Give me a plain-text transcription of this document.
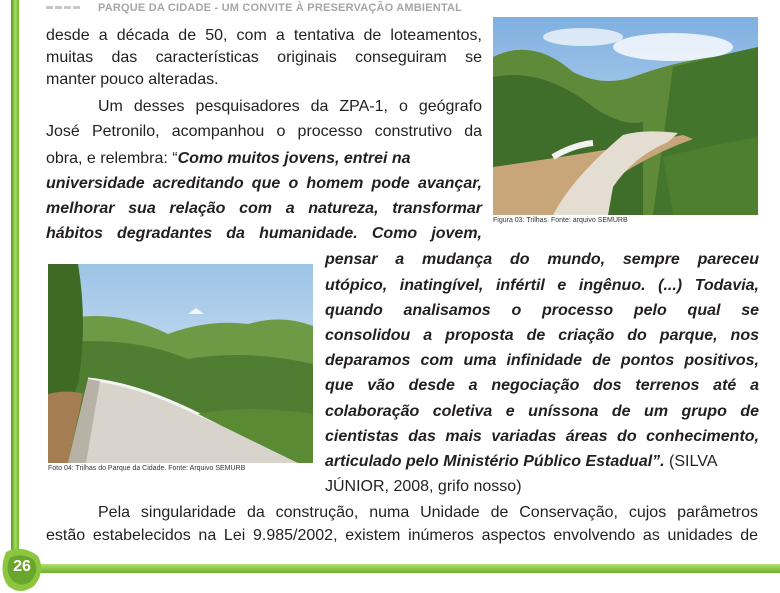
PARQUE DA CIDADE - UM CONVITE À PRESERVAÇÃO AMBIENTAL
desde a década de 50, com a tentativa de loteamentos,
muitas das características originais conseguiram se
manter pouco alteradas.
Um desses pesquisadores da ZPA-1, o geógrafo
José Petronilo, acompanhou o processo construtivo da
obra, e relembra: “Como muitos jovens, entrei na
universidade acreditando que o homem pode avançar,
melhorar sua relação com a natureza, transformar
hábitos degradantes da humanidade. Como jovem,
pensar a mudança do mundo, sempre pareceu
utópico, inatingível, infértil e ingênuo. (...) Todavia,
quando analisamos o processo pelo qual se
consolidou a proposta de criação do parque, nos
deparamos com uma infinidade de pontos positivos,
que vão desde a negociação dos terrenos até a
colaboração coletiva e uníssona de um grupo de
cientistas das mais variadas áreas do conhecimento,
articulado pelo Ministério Público Estadual”. (SILVA
JÚNIOR, 2008, grifo nosso)
Pela singularidade da construção, numa Unidade de Conservação, cujos parâmetros
estão estabelecidos na Lei 9.985/2002, existem inúmeros aspectos envolvendo as unidades de
Figura 03: Trilhas. Fonte: arquivo SEMURB
Foto 04: Trilhas do Parque da Cidade. Fonte: Arquivo SEMURB
26
